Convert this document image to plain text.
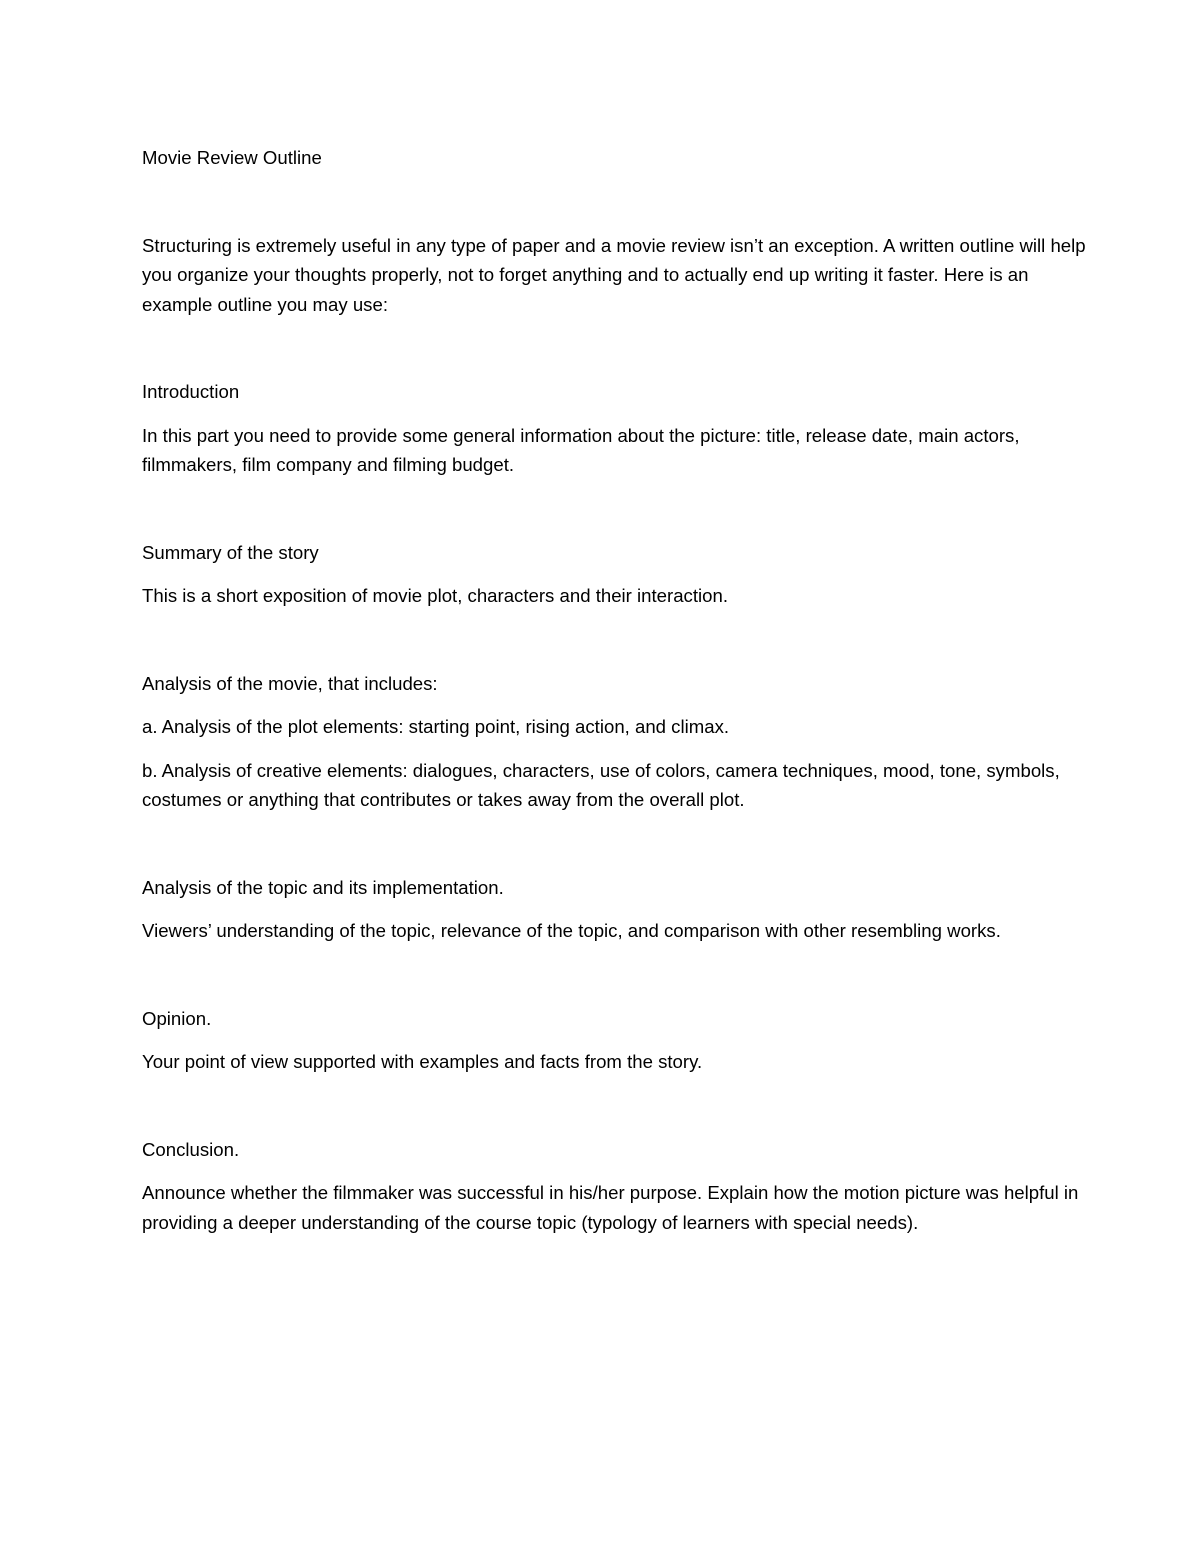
Movie Review Outline

Structuring is extremely useful in any type of paper and a movie review isn’t an exception. A written outline will help you organize your thoughts properly, not to forget anything and to actually end up writing it faster. Here is an example outline you may use:

Introduction

In this part you need to provide some general information about the picture: title, release date, main actors, filmmakers, film company and filming budget.

Summary of the story

This is a short exposition of movie plot, characters and their interaction.

Analysis of the movie, that includes:

a. Analysis of the plot elements: starting point, rising action, and climax.

b. Analysis of creative elements: dialogues, characters, use of colors, camera techniques, mood, tone, symbols, costumes or anything that contributes or takes away from the overall plot.

Analysis of the topic and its implementation.

Viewers’ understanding of the topic, relevance of the topic, and comparison with other resembling works.

Opinion.

Your point of view supported with examples and facts from the story.

Conclusion.

Announce whether the filmmaker was successful in his/her purpose. Explain how the motion picture was helpful in providing a deeper understanding of the course topic (typology of learners with special needs).
